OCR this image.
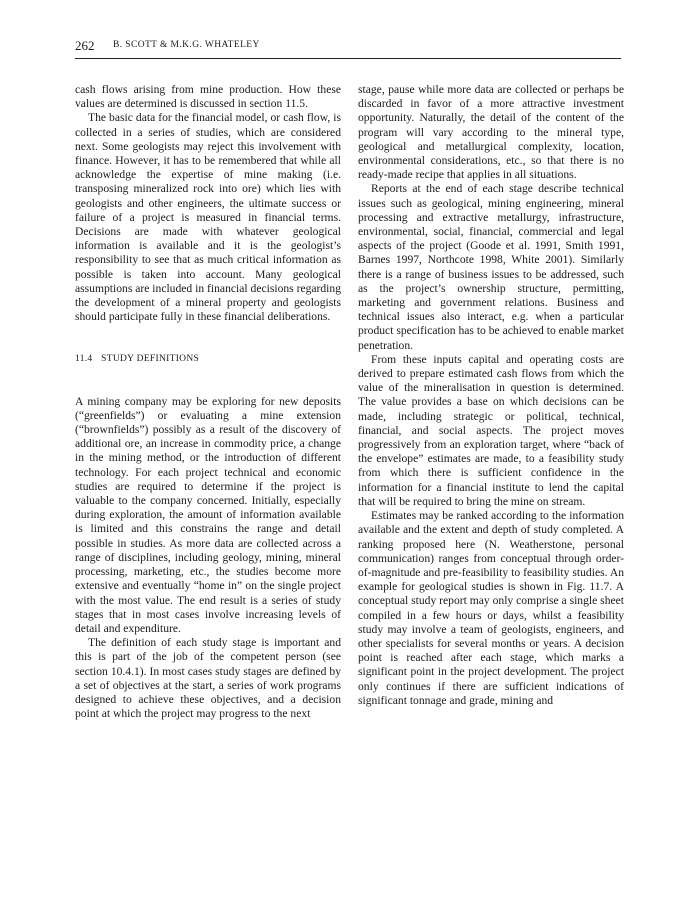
262 B. SCOTT & M.K.G. WHATELEY

cash flows arising from mine production. How these values are determined is discussed in section 11.5.

The basic data for the financial model, or cash flow, is collected in a series of studies, which are considered next. Some geologists may reject this involvement with finance. However, it has to be remembered that while all acknowledge the expertise of mine making (i.e. transposing mineralized rock into ore) which lies with geologists and other engineers, the ultimate success or failure of a project is measured in financial terms. Decisions are made with whatever geological information is available and it is the geologist’s responsibility to see that as much critical information as possible is taken into account. Many geological assumptions are included in financial decisions regarding the development of a mineral property and geologists should participate fully in these financial deliberations.

11.4 STUDY DEFINITIONS

A mining company may be exploring for new deposits (“greenfields”) or evaluating a mine extension (“brownfields”) possibly as a result of the discovery of additional ore, an increase in commodity price, a change in the mining method, or the introduction of different technology. For each project technical and economic studies are required to determine if the project is valuable to the company concerned. Initially, especially during exploration, the amount of information available is limited and this constrains the range and detail possible in studies. As more data are collected across a range of disciplines, including geology, mining, mineral processing, marketing, etc., the studies become more extensive and eventually “home in” on the single project with the most value. The end result is a series of study stages that in most cases involve increasing levels of detail and expenditure.

The definition of each study stage is important and this is part of the job of the competent person (see section 10.4.1). In most cases study stages are defined by a set of objectives at the start, a series of work programs designed to achieve these objectives, and a decision point at which the project may progress to the next

stage, pause while more data are collected or perhaps be discarded in favor of a more attractive investment opportunity. Naturally, the detail of the content of the program will vary according to the mineral type, geological and metallurgical complexity, location, environmental considerations, etc., so that there is no ready-made recipe that applies in all situations.

Reports at the end of each stage describe technical issues such as geological, mining engineering, mineral processing and extractive metallurgy, infrastructure, environmental, social, financial, commercial and legal aspects of the project (Goode et al. 1991, Smith 1991, Barnes 1997, Northcote 1998, White 2001). Similarly there is a range of business issues to be addressed, such as the project’s ownership structure, permitting, marketing and government relations. Business and technical issues also interact, e.g. when a particular product specification has to be achieved to enable market penetration.

From these inputs capital and operating costs are derived to prepare estimated cash flows from which the value of the mineralisation in question is determined. The value provides a base on which decisions can be made, including strategic or political, technical, financial, and social aspects. The project moves progressively from an exploration target, where “back of the envelope” estimates are made, to a feasibility study from which there is sufficient confidence in the information for a financial institute to lend the capital that will be required to bring the mine on stream.

Estimates may be ranked according to the information available and the extent and depth of study completed. A ranking proposed here (N. Weatherstone, personal communication) ranges from conceptual through order-of-magnitude and pre-feasibility to feasibility studies. An example for geological studies is shown in Fig. 11.7. A conceptual study report may only comprise a single sheet compiled in a few hours or days, whilst a feasibility study may involve a team of geologists, engineers, and other specialists for several months or years. A decision point is reached after each stage, which marks a significant point in the project development. The project only continues if there are sufficient indications of significant tonnage and grade, mining and
